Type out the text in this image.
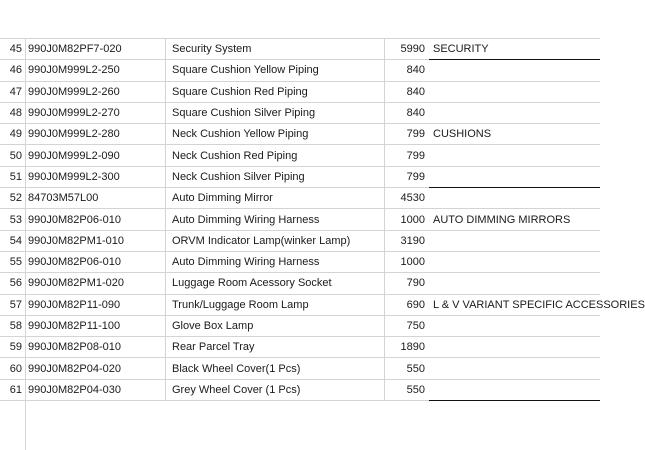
45	990J0M82PF7-020	Security System	5990	SECURITY
46	990J0M999L2-250	Square Cushion Yellow Piping	840	
47	990J0M999L2-260	Square Cushion Red Piping	840	
48	990J0M999L2-270	Square Cushion Silver Piping	840	
49	990J0M999L2-280	Neck Cushion Yellow Piping	799	CUSHIONS
50	990J0M999L2-090	Neck Cushion Red Piping	799	
51	990J0M999L2-300	Neck Cushion Silver Piping	799	
52	84703M57L00	Auto Dimming Mirror	4530	
53	990J0M82P06-010	Auto Dimming Wiring Harness	1000	AUTO DIMMING MIRRORS
54	990J0M82PM1-010	ORVM Indicator Lamp(winker Lamp)	3190	
55	990J0M82P06-010	Auto Dimming Wiring Harness	1000	
56	990J0M82PM1-020	Luggage Room Acessory Socket	790	
57	990J0M82P11-090	Trunk/Luggage Room Lamp	690	L & V VARIANT SPECIFIC ACCESSORIES
58	990J0M82P11-100	Glove Box Lamp	750	
59	990J0M82P08-010	Rear Parcel Tray	1890	
60	990J0M82P04-020	Black Wheel Cover(1 Pcs)	550	
61	990J0M82P04-030	Grey Wheel Cover (1 Pcs)	550	
